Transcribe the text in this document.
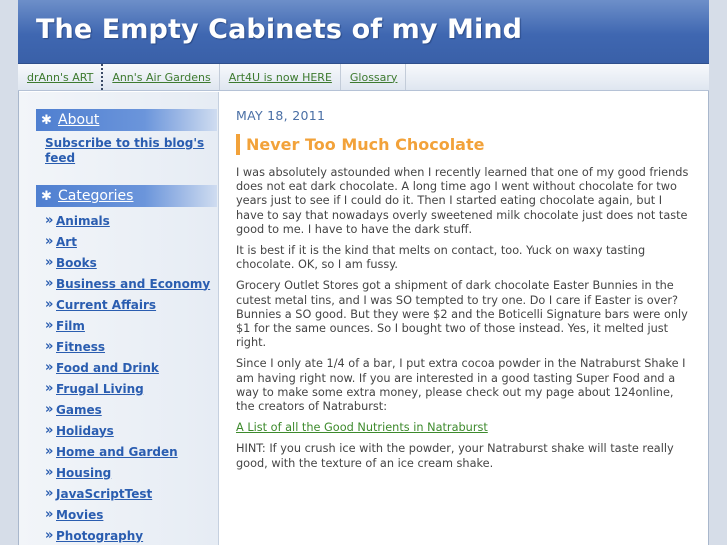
The Empty Cabinets of my Mind
drAnn's ART Ann's Air Gardens Art4U is now HERE Glossary
✱ About
Subscribe to this blog's feed
✱ Categories
» Animals
» Art
» Books
» Business and Economy
» Current Affairs
» Film
» Fitness
» Food and Drink
» Frugal Living
» Games
» Holidays
» Home and Garden
» Housing
» JavaScriptTest
» Movies
» Photography
MAY 18, 2011
Never Too Much Chocolate

I was absolutely astounded when I recently learned that one of my good friends does not eat dark chocolate. A long time ago I went without chocolate for two years just to see if I could do it. Then I started eating chocolate again, but I have to say that nowadays overly sweetened milk chocolate just does not taste good to me. I have to have the dark stuff.

It is best if it is the kind that melts on contact, too. Yuck on waxy tasting chocolate. OK, so I am fussy.

Grocery Outlet Stores got a shipment of dark chocolate Easter Bunnies in the cutest metal tins, and I was SO tempted to try one. Do I care if Easter is over? Bunnies a SO good. But they were $2 and the Boticelli Signature bars were only $1 for the same ounces. So I bought two of those instead. Yes, it melted just right.

Since I only ate 1/4 of a bar, I put extra cocoa powder in the Natraburst Shake I am having right now. If you are interested in a good tasting Super Food and a way to make some extra money, please check out my page about 124online, the creators of Natraburst:

A List of all the Good Nutrients in Natraburst

HINT: If you crush ice with the powder, your Natraburst shake will taste really good, with the texture of an ice cream shake.
